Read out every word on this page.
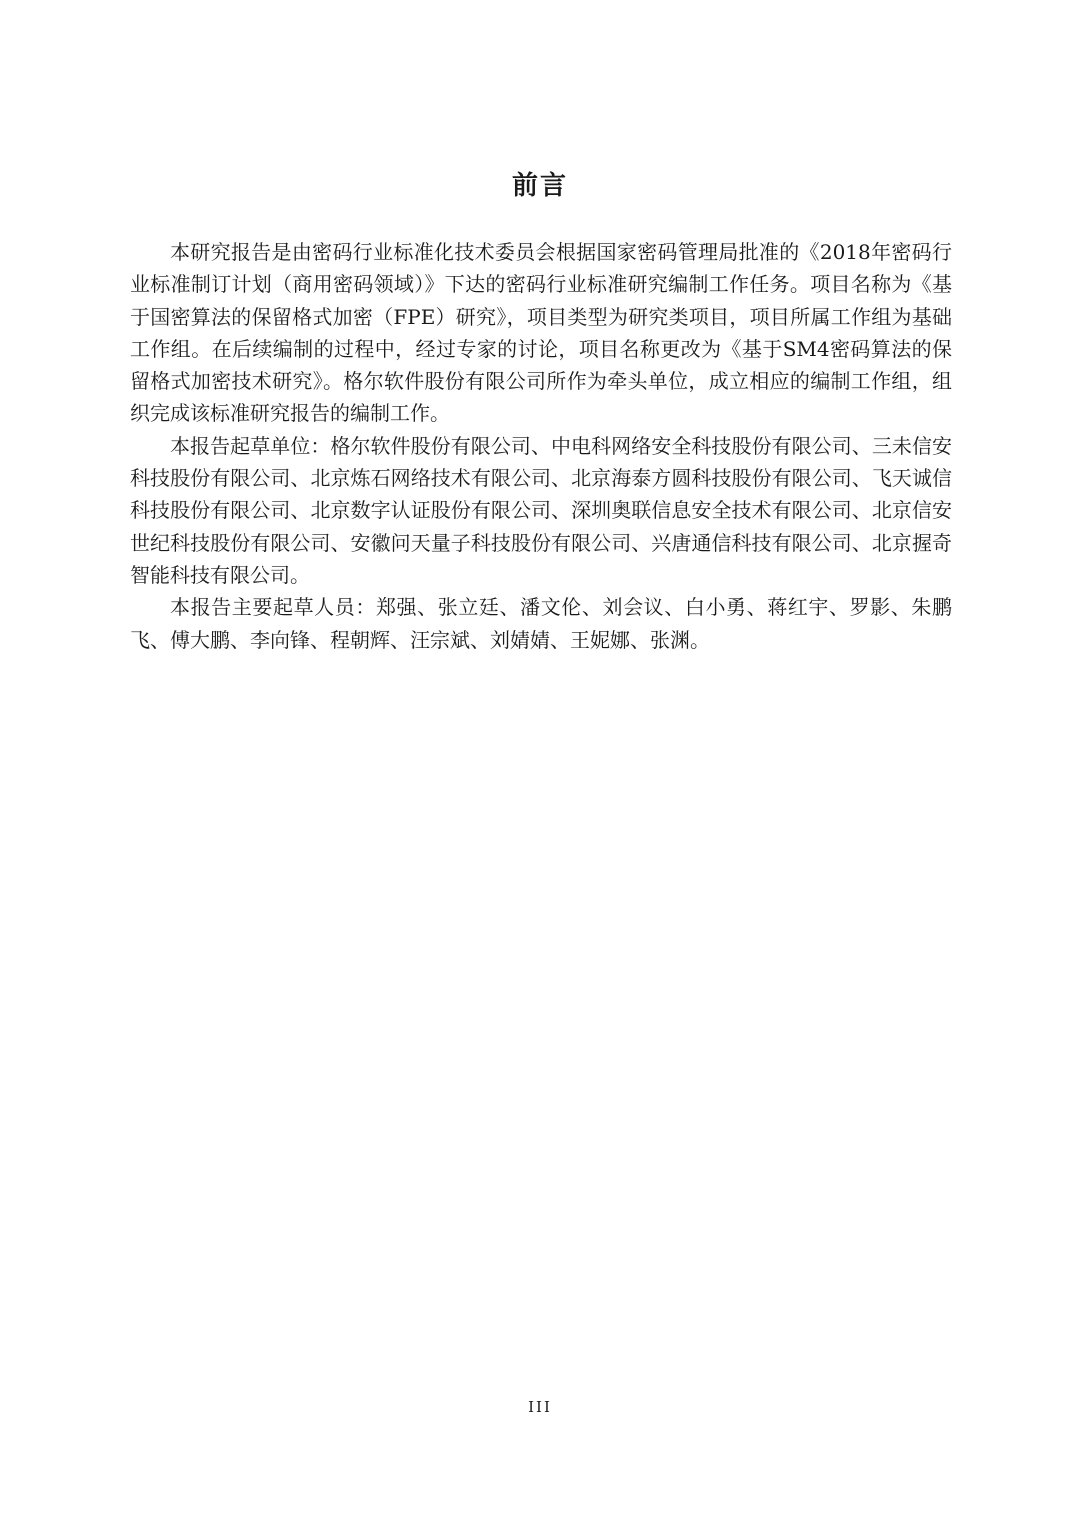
前言

本研究报告是由密码行业标准化技术委员会根据国家密码管理局批准的《2018年密码行业标准制订计划（商用密码领域）》下达的密码行业标准研究编制工作任务。项目名称为《基于国密算法的保留格式加密（FPE）研究》，项目类型为研究类项目，项目所属工作组为基础工作组。在后续编制的过程中，经过专家的讨论，项目名称更改为《基于SM4密码算法的保留格式加密技术研究》。格尔软件股份有限公司所作为牵头单位，成立相应的编制工作组，组织完成该标准研究报告的编制工作。

本报告起草单位：格尔软件股份有限公司、中电科网络安全科技股份有限公司、三未信安科技股份有限公司、北京炼石网络技术有限公司、北京海泰方圆科技股份有限公司、飞天诚信科技股份有限公司、北京数字认证股份有限公司、深圳奥联信息安全技术有限公司、北京信安世纪科技股份有限公司、安徽问天量子科技股份有限公司、兴唐通信科技有限公司、北京握奇智能科技有限公司。

本报告主要起草人员：郑强、张立廷、潘文伦、刘会议、白小勇、蒋红宇、罗影、朱鹏飞、傅大鹏、李向锋、程朝辉、汪宗斌、刘婧婧、王妮娜、张渊。

III
